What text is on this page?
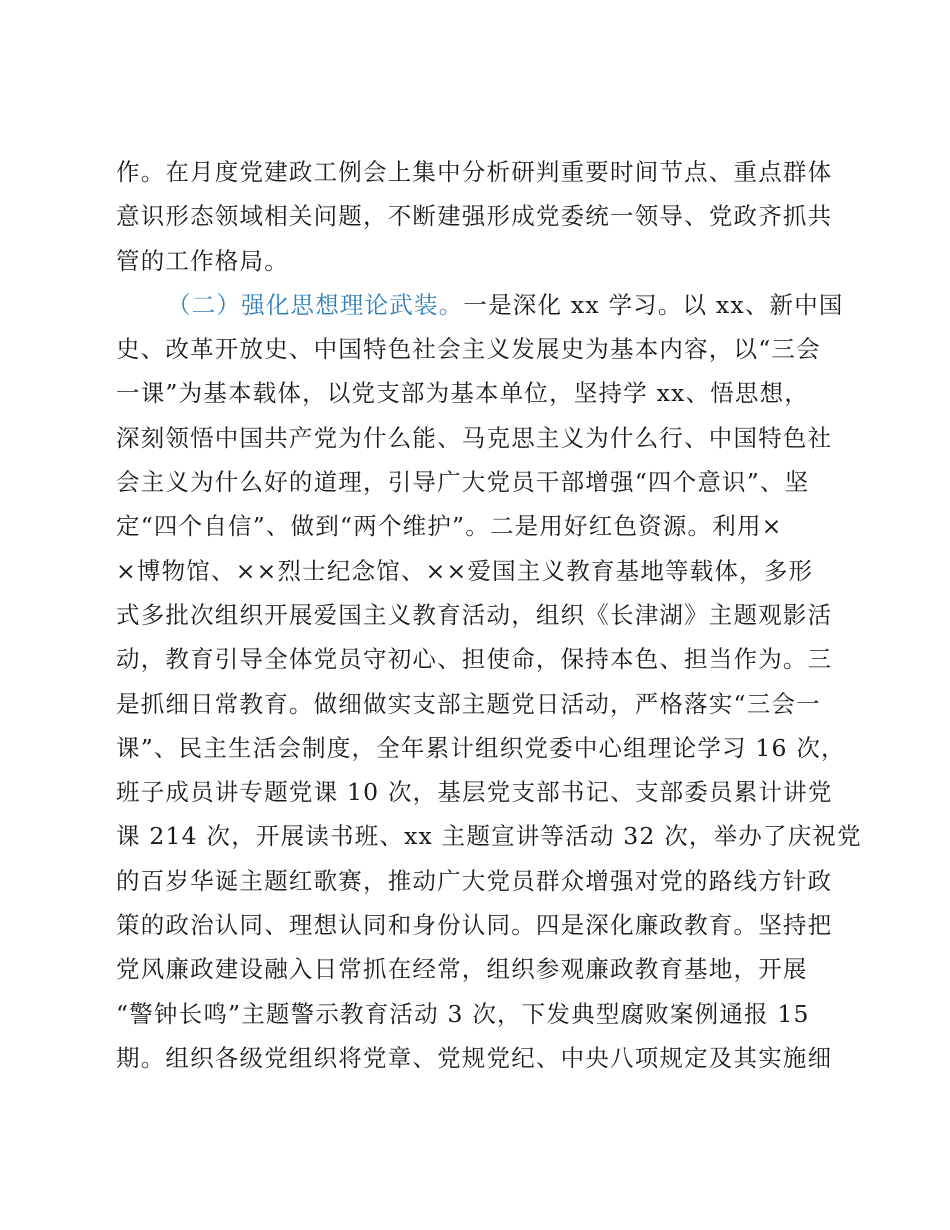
作。在月度党建政工例会上集中分析研判重要时间节点、重点群体
意识形态领域相关问题，不断建强形成党委统一领导、党政齐抓共
管的工作格局。
（二）强化思想理论武装。一是深化 xx 学习。以 xx、新中国
史、改革开放史、中国特色社会主义发展史为基本内容，以“三会
一课”为基本载体，以党支部为基本单位，坚持学 xx、悟思想，
深刻领悟中国共产党为什么能、马克思主义为什么行、中国特色社
会主义为什么好的道理，引导广大党员干部增强“四个意识”、坚
定“四个自信”、做到“两个维护”。二是用好红色资源。利用×
×博物馆、××烈士纪念馆、××爱国主义教育基地等载体，多形
式多批次组织开展爱国主义教育活动，组织《长津湖》主题观影活
动，教育引导全体党员守初心、担使命，保持本色、担当作为。三
是抓细日常教育。做细做实支部主题党日活动，严格落实“三会一
课”、民主生活会制度，全年累计组织党委中心组理论学习 16 次，
班子成员讲专题党课 10 次，基层党支部书记、支部委员累计讲党
课 214 次，开展读书班、xx 主题宣讲等活动 32 次，举办了庆祝党
的百岁华诞主题红歌赛，推动广大党员群众增强对党的路线方针政
策的政治认同、理想认同和身份认同。四是深化廉政教育。坚持把
党风廉政建设融入日常抓在经常，组织参观廉政教育基地，开展
“警钟长鸣”主题警示教育活动 3 次，下发典型腐败案例通报 15
期。组织各级党组织将党章、党规党纪、中央八项规定及其实施细
